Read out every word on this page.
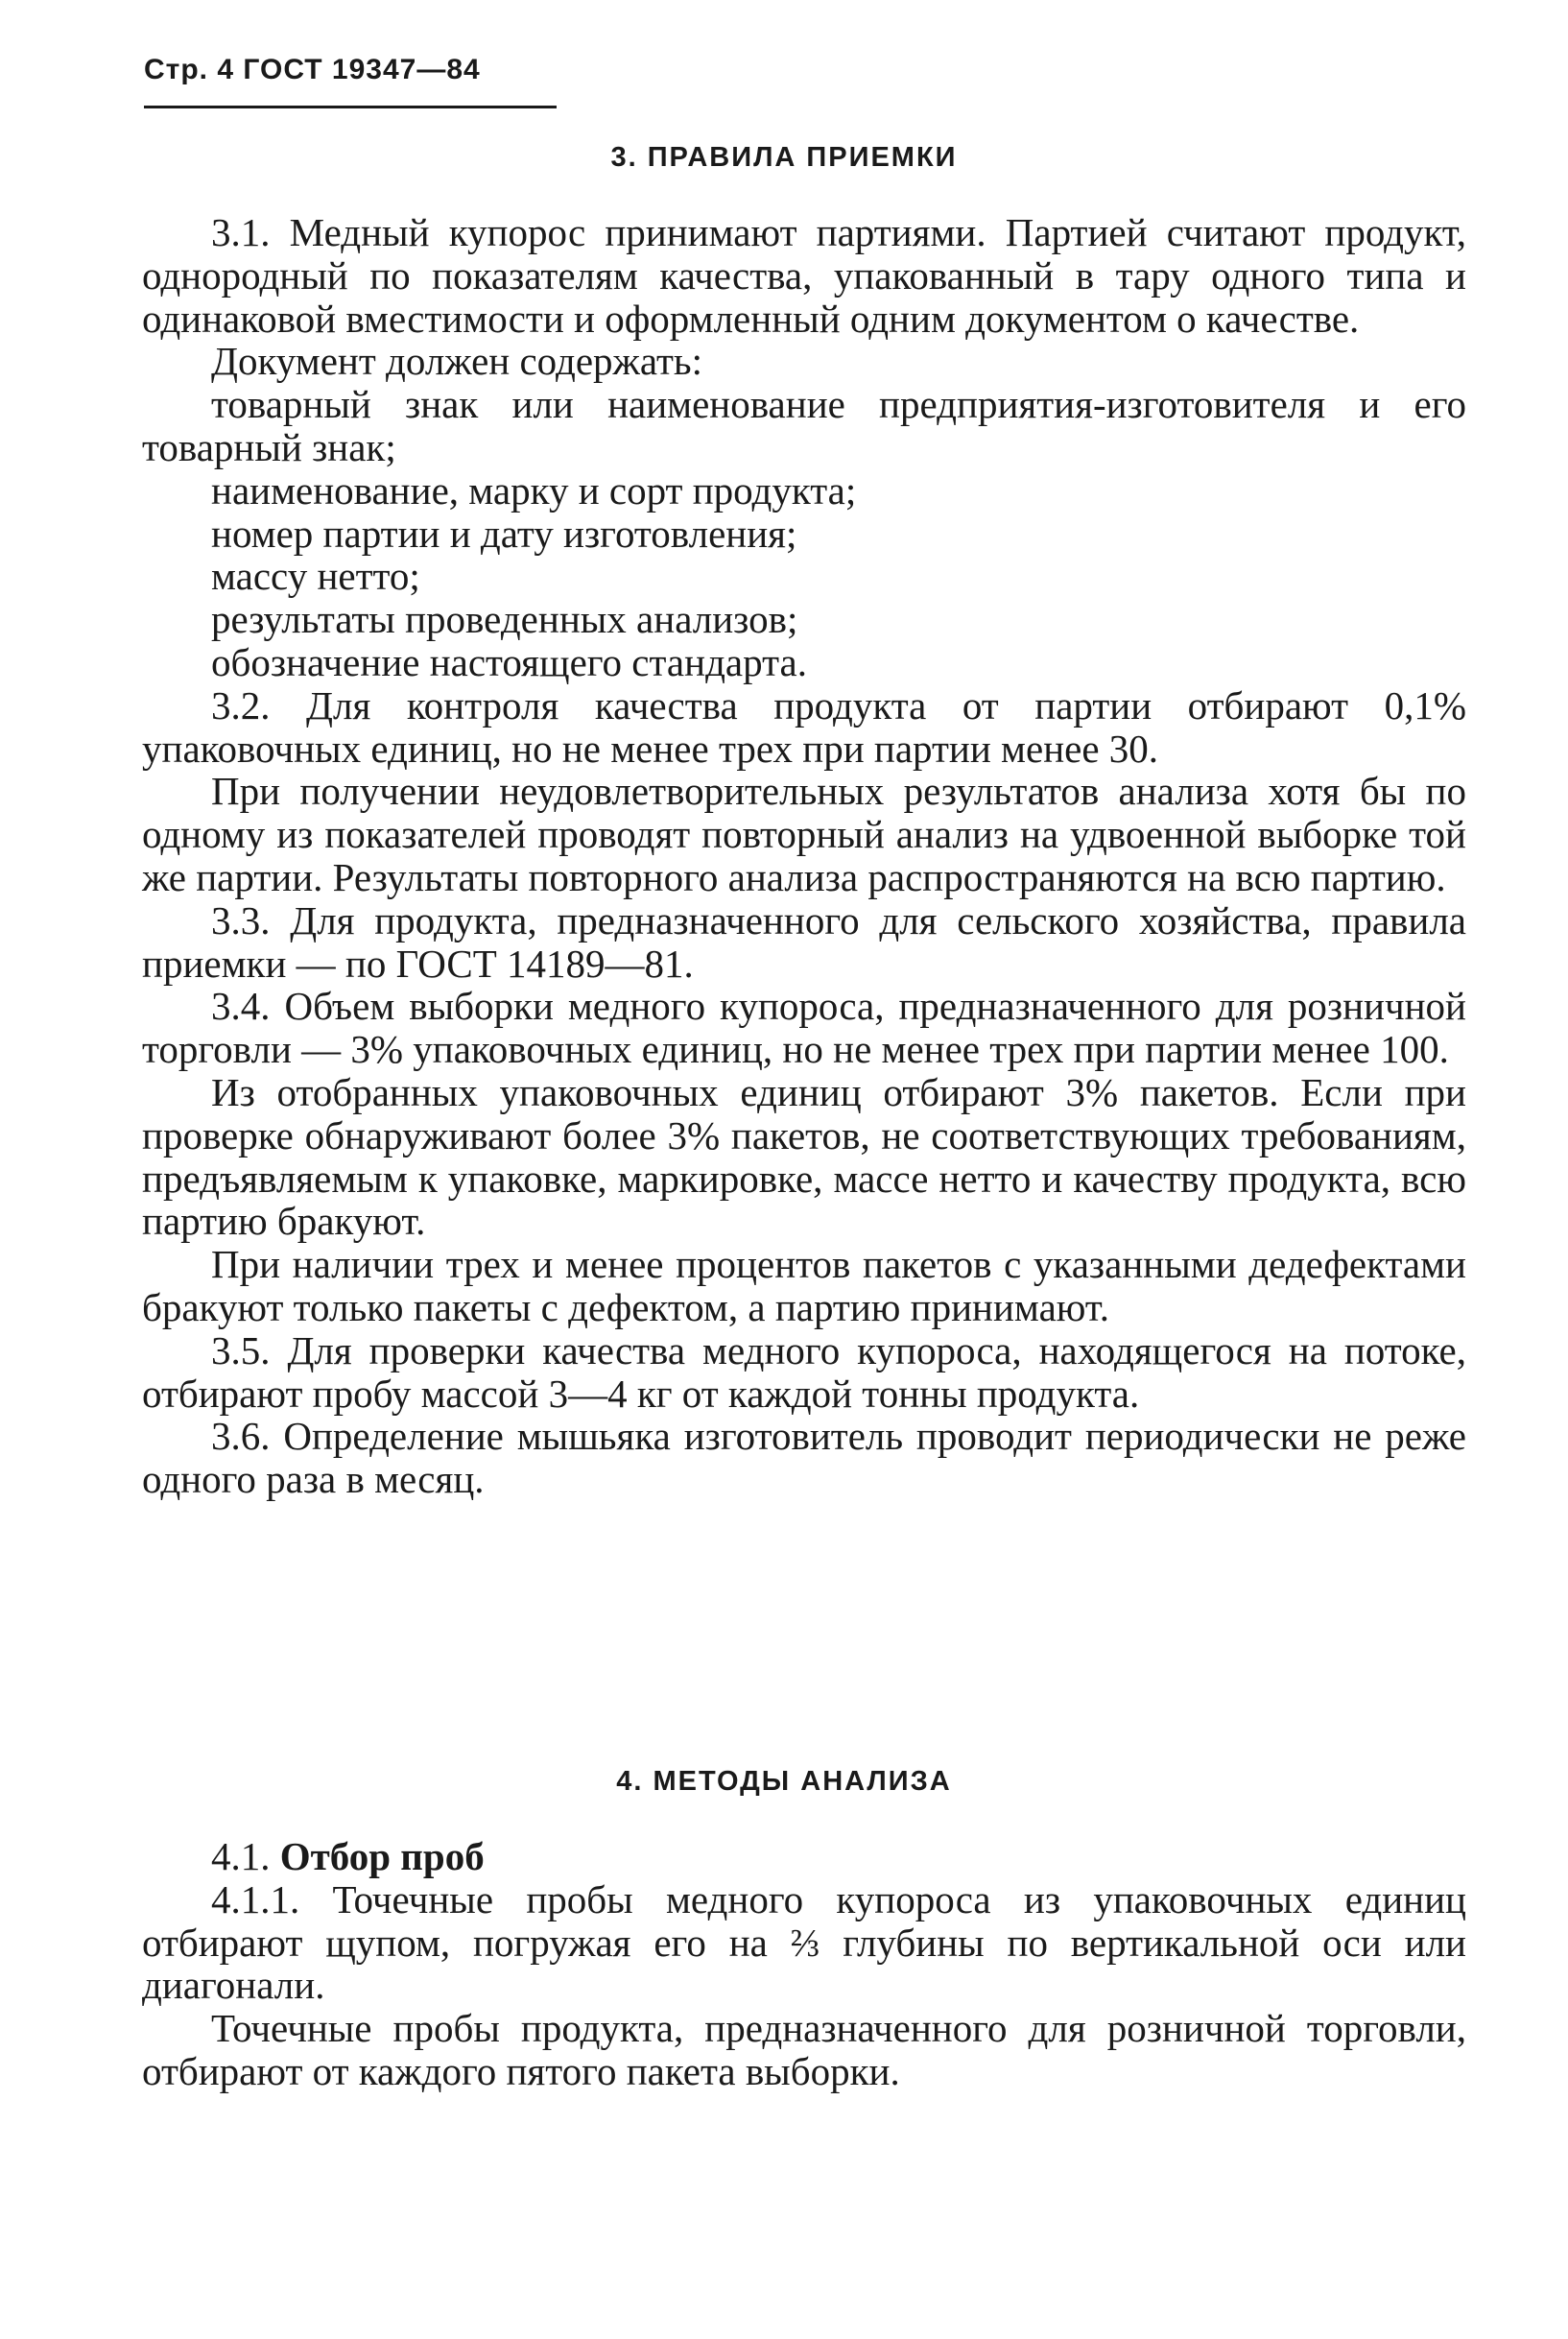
Стр. 4 ГОСТ 19347—84
3. ПРАВИЛА ПРИЕМКИ

3.1. Медный купорос принимают партиями. Партией считают продукт, однородный по показателям качества, упакованный в тару одного типа и одинаковой вместимости и оформленный одним документом о качестве.

Документ должен содержать:

товарный знак или наименование предприятия-изготовителя и его товарный знак;

наименование, марку и сорт продукта;

номер партии и дату изготовления;

массу нетто;

результаты проведенных анализов;

обозначение настоящего стандарта.

3.2. Для контроля качества продукта от партии отбирают 0,1% упаковочных единиц, но не менее трех при партии менее 30.

При получении неудовлетворительных результатов анализа хотя бы по одному из показателей проводят повторный анализ на удвоенной выборке той же партии. Результаты повторного анализа распространяются на всю партию.

3.3. Для продукта, предназначенного для сельского хозяйства, правила приемки — по ГОСТ 14189—81.

3.4. Объем выборки медного купороса, предназначенного для розничной торговли — 3% упаковочных единиц, но не менее трех при партии менее 100.

Из отобранных упаковочных единиц отбирают 3% пакетов. Если при проверке обнаруживают более 3% пакетов, не соответствующих требованиям, предъявляемым к упаковке, маркировке, массе нетто и качеству продукта, всю партию бракуют.

При наличии трех и менее процентов пакетов с указанными дедефектами бракуют только пакеты с дефектом, а партию принимают.

3.5. Для проверки качества медного купороса, находящегося на потоке, отбирают пробу массой 3—4 кг от каждой тонны продукта.

3.6. Определение мышьяка изготовитель проводит периодически не реже одного раза в месяц.

4. МЕТОДЫ АНАЛИЗА

4.1. Отбор проб

4.1.1. Точечные пробы медного купороса из упаковочных единиц отбирают щупом, погружая его на ⅔ глубины по вертикальной оси или диагонали.

Точечные пробы продукта, предназначенного для розничной торговли, отбирают от каждого пятого пакета выборки.
